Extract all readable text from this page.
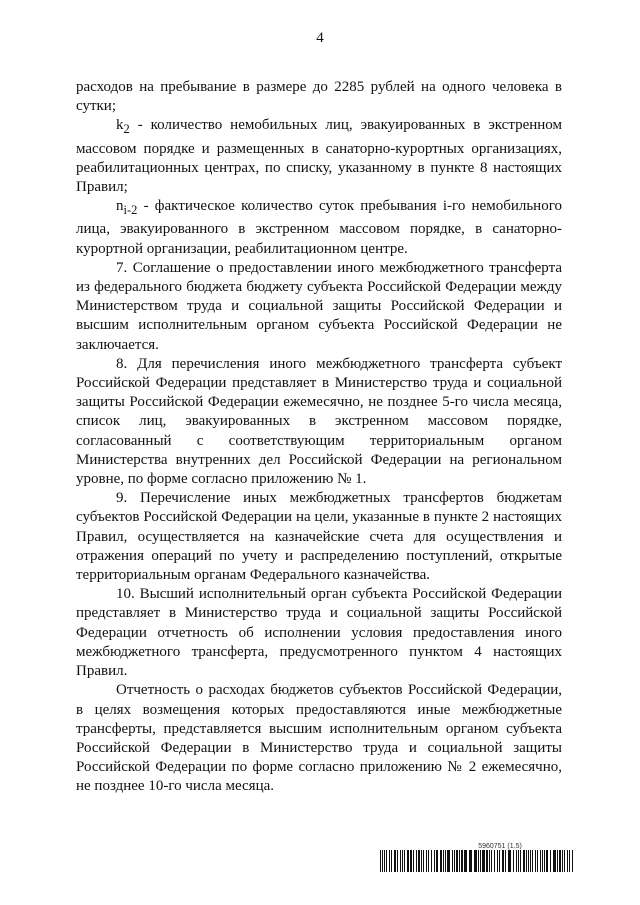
4

расходов на пребывание в размере до 2285 рублей на одного человека в сутки;

$k_2$ - количество немобильных лиц, эвакуированных в экстренном массовом порядке и размещенных в санаторно-курортных организациях, реабилитационных центрах, по списку, указанному в пункте 8 настоящих Правил;

$n_{i-2}$ - фактическое количество суток пребывания i-го немобильного лица, эвакуированного в экстренном массовом порядке, в санаторно-курортной организации, реабилитационном центре.

7. Соглашение о предоставлении иного межбюджетного трансферта из федерального бюджета бюджету субъекта Российской Федерации между Министерством труда и социальной защиты Российской Федерации и высшим исполнительным органом субъекта Российской Федерации не заключается.

8. Для перечисления иного межбюджетного трансферта субъект Российской Федерации представляет в Министерство труда и социальной защиты Российской Федерации ежемесячно, не позднее 5-го числа месяца, список лиц, эвакуированных в экстренном массовом порядке, согласованный с соответствующим территориальным органом Министерства внутренних дел Российской Федерации на региональном уровне, по форме согласно приложению № 1.

9. Перечисление иных межбюджетных трансфертов бюджетам субъектов Российской Федерации на цели, указанные в пункте 2 настоящих Правил, осуществляется на казначейские счета для осуществления и отражения операций по учету и распределению поступлений, открытые территориальным органам Федерального казначейства.

10. Высший исполнительный орган субъекта Российской Федерации представляет в Министерство труда и социальной защиты Российской Федерации отчетность об исполнении условия предоставления иного межбюджетного трансферта, предусмотренного пунктом 4 настоящих Правил.

Отчетность о расходах бюджетов субъектов Российской Федерации, в целях возмещения которых предоставляются иные межбюджетные трансферты, представляется высшим исполнительным органом субъекта Российской Федерации в Министерство труда и социальной защиты Российской Федерации по форме согласно приложению № 2 ежемесячно, не позднее 10-го числа месяца.

5960751 (1.5)
